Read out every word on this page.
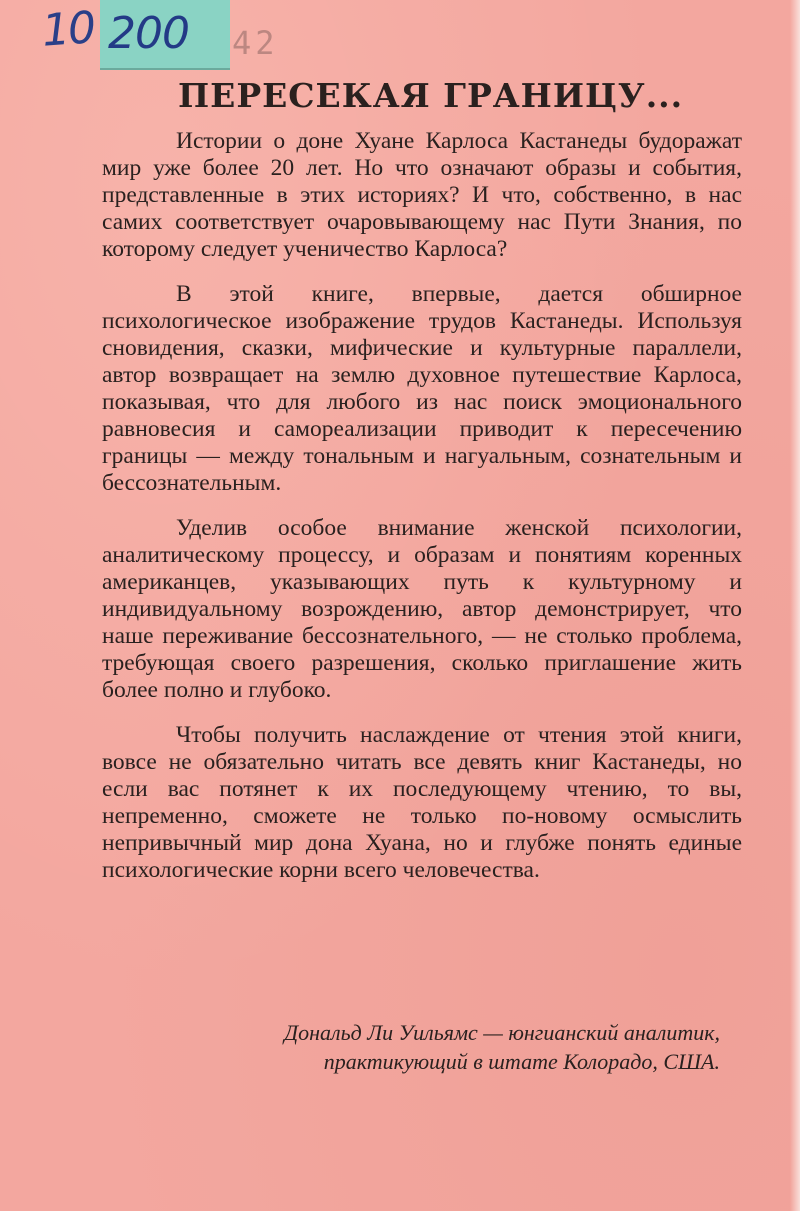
10 200 42
ПЕРЕСЕКАЯ ГРАНИЦУ...

Истории о доне Хуане Карлоса Кастанеды будоражат мир уже более 20 лет. Но что означают образы и события, представленные в этих историях? И что, собственно, в нас самих соответствует очаровывающему нас Пути Знания, по которому следует ученичество Карлоса?

В этой книге, впервые, дается обширное психологическое изображение трудов Кастанеды. Используя сновидения, сказки, мифические и культурные параллели, автор возвращает на землю духовное путешествие Карлоса, показывая, что для любого из нас поиск эмоционального равновесия и самореализации приводит к пересечению границы — между тональным и нагуальным, сознательным и бессознательным.

Уделив особое внимание женской психологии, аналитическому процессу, и образам и понятиям коренных американцев, указывающих путь к культурному и индивидуальному возрождению, автор демонстрирует, что наше переживание бессознательного, — не столько проблема, требующая своего разрешения, сколько приглашение жить более полно и глубоко.

Чтобы получить наслаждение от чтения этой книги, вовсе не обязательно читать все девять книг Кастанеды, но если вас потянет к их последующему чтению, то вы, непременно, сможете не только по-новому осмыслить непривычный мир дона Хуана, но и глубже понять единые психологические корни всего человечества.

Дональд Ли Уильямс — юнгианский аналитик,
практикующий в штате Колорадо, США.
